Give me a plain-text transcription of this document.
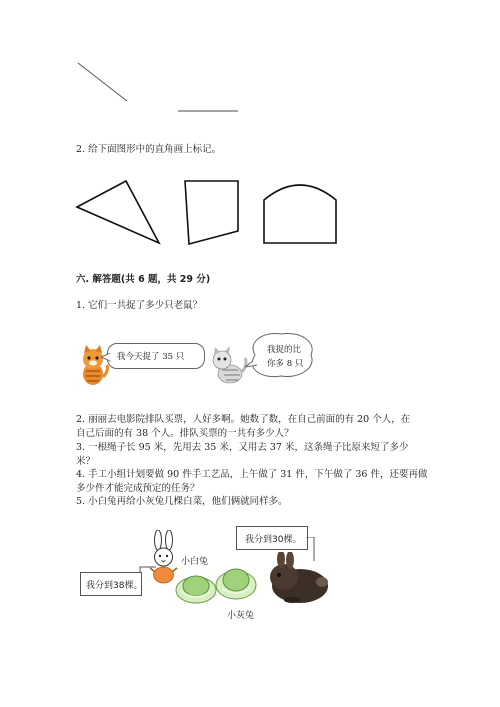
2. 给下面图形中的直角画上标记。
六. 解答题(共 6 题，共 29 分)
1. 它们一共捉了多少只老鼠？
我今天捉了 35 只
我捉的比
你多 8 只
2. 丽丽去电影院排队买票，人好多啊。她数了数，在自己前面的有 20 个人，在
自己后面的有 38 个人。排队买票的一共有多少人？
3. 一根绳子长 95 米，先用去 35 米，又用去 37 米，这条绳子比原来短了多少
米？
4. 手工小组计划要做 90 件手工艺品，上午做了 31 件，下午做了 36 件，还要再做
多少件才能完成预定的任务？
5. 小白兔再给小灰兔几棵白菜，他们俩就同样多。
我分到30棵。
小白兔
我分到38棵。
小灰兔
